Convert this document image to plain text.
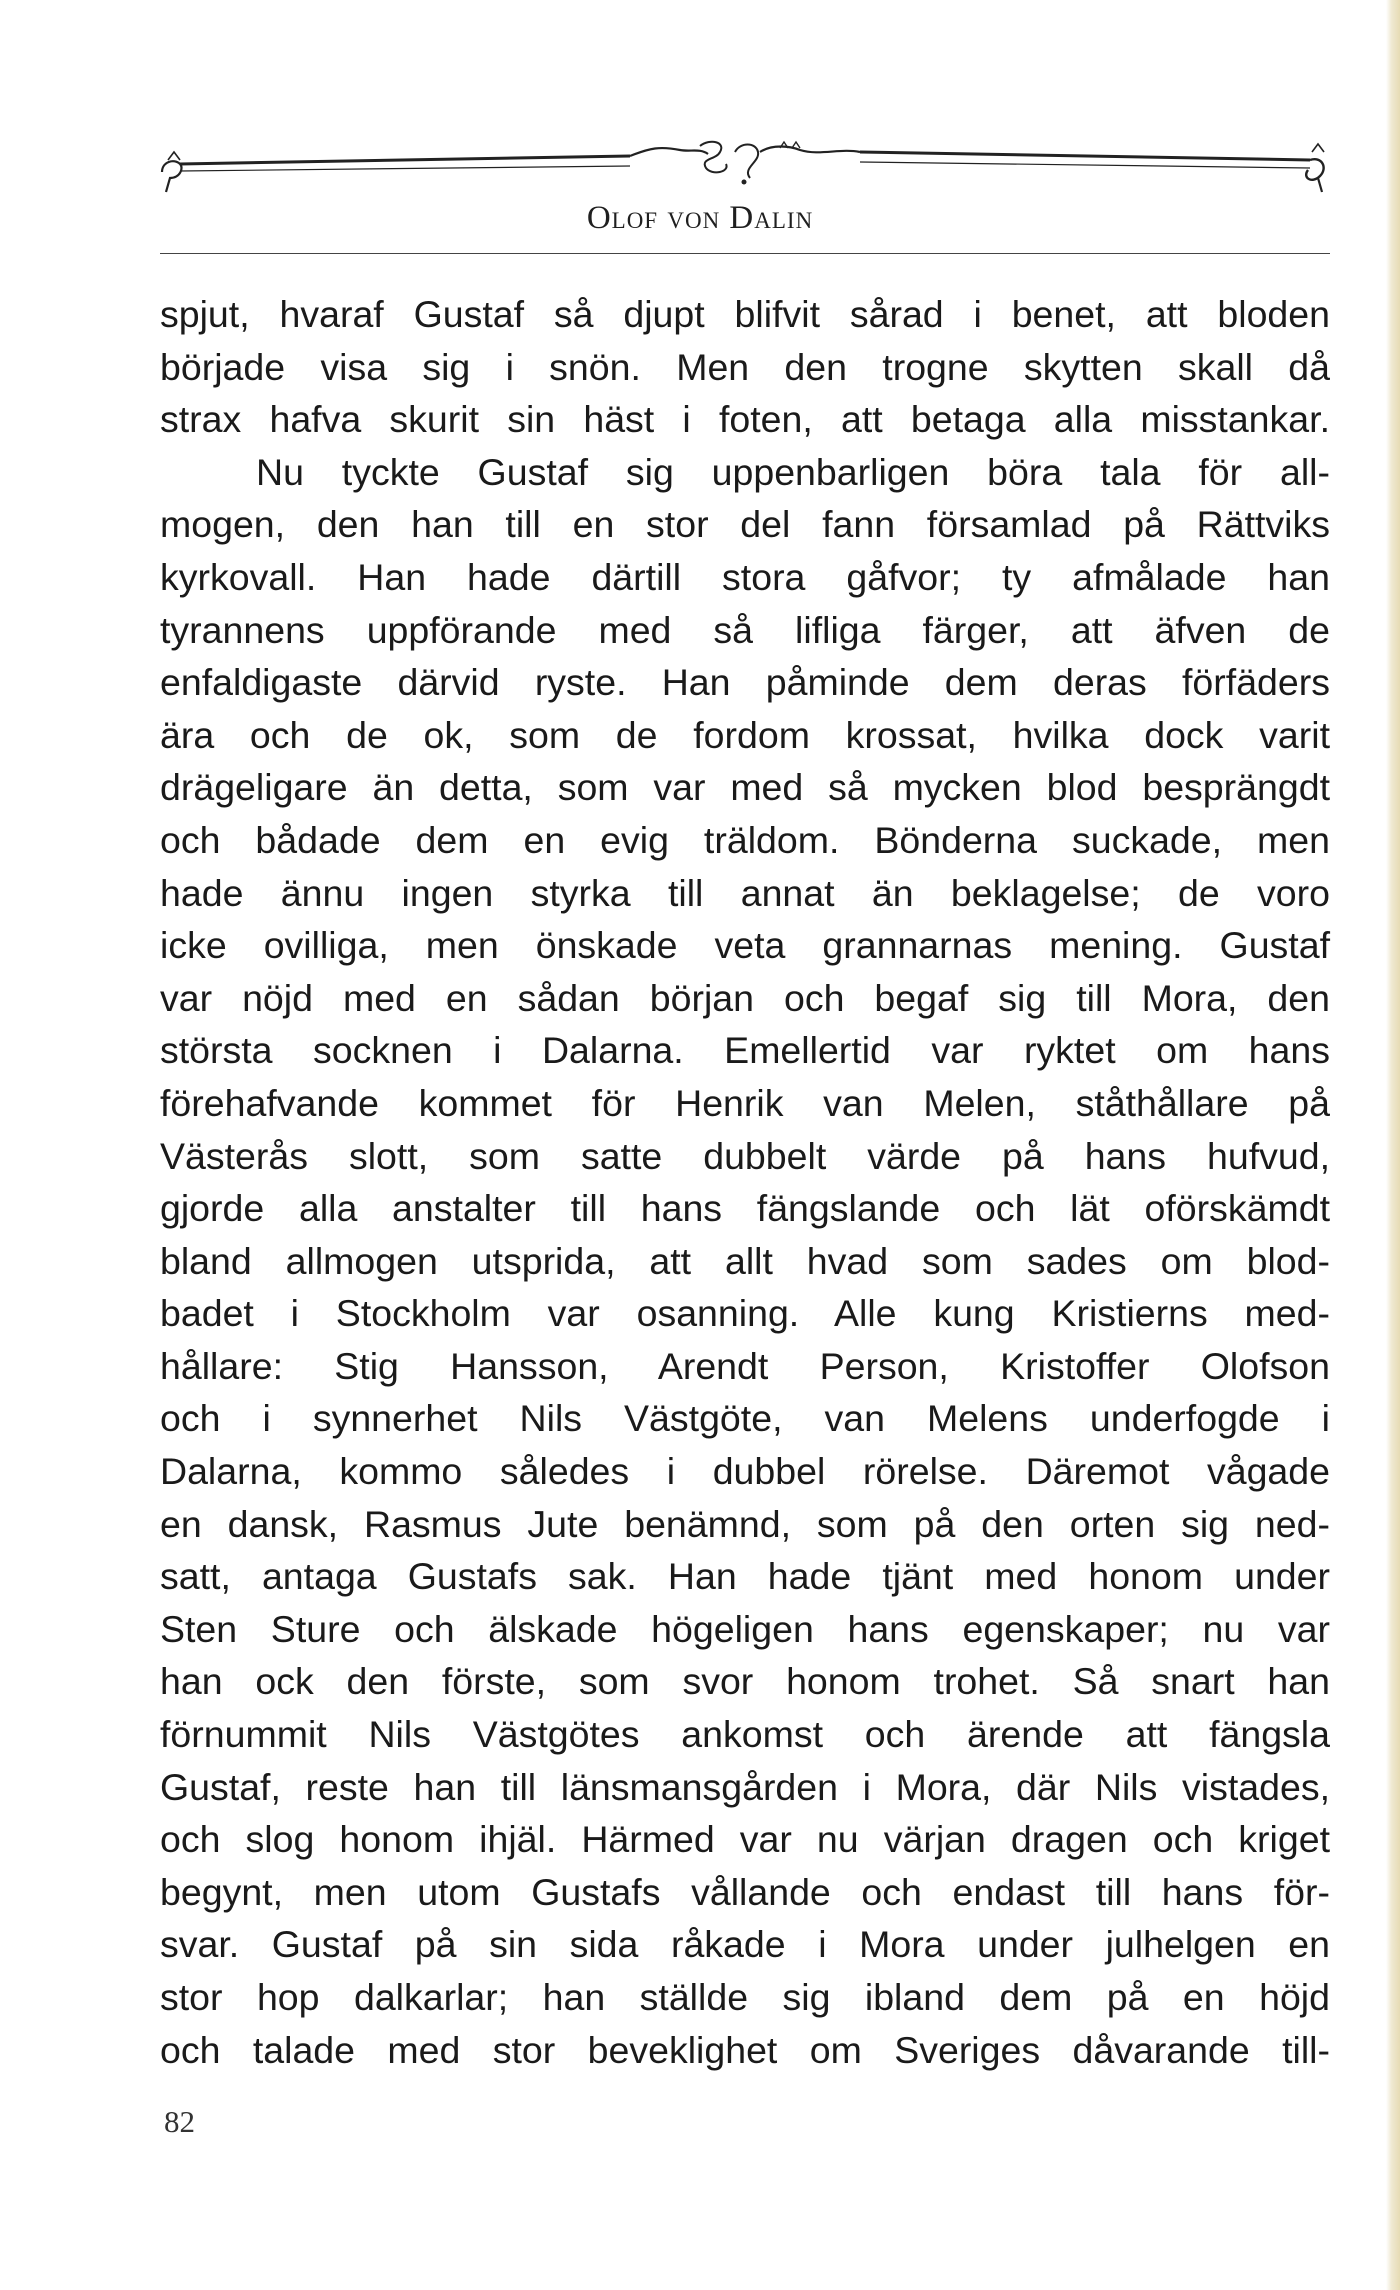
Olof von Dalin
spjut, hvaraf Gustaf så djupt blifvit sårad i benet, att bloden
började visa sig i snön. Men den trogne skytten skall då
strax hafva skurit sin häst i foten, att betaga alla misstankar.
Nu tyckte Gustaf sig uppenbarligen böra tala för all-
mogen, den han till en stor del fann församlad på Rättviks
kyrkovall. Han hade därtill stora gåfvor; ty afmålade han
tyrannens uppförande med så lifliga färger, att äfven de
enfaldigaste därvid ryste. Han påminde dem deras förfäders
ära och de ok, som de fordom krossat, hvilka dock varit
drägeligare än detta, som var med så mycken blod besprängdt
och bådade dem en evig träldom. Bönderna suckade, men
hade ännu ingen styrka till annat än beklagelse; de voro
icke ovilliga, men önskade veta grannarnas mening. Gustaf
var nöjd med en sådan början och begaf sig till Mora, den
största socknen i Dalarna. Emellertid var ryktet om hans
förehafvande kommet för Henrik van Melen, ståthållare på
Västerås slott, som satte dubbelt värde på hans hufvud,
gjorde alla anstalter till hans fängslande och lät oförskämdt
bland allmogen utsprida, att allt hvad som sades om blod-
badet i Stockholm var osanning. Alle kung Kristierns med-
hållare: Stig Hansson, Arendt Person, Kristoffer Olofson
och i synnerhet Nils Västgöte, van Melens underfogde i
Dalarna, kommo således i dubbel rörelse. Däremot vågade
en dansk, Rasmus Jute benämnd, som på den orten sig ned-
satt, antaga Gustafs sak. Han hade tjänt med honom under
Sten Sture och älskade högeligen hans egenskaper; nu var
han ock den förste, som svor honom trohet. Så snart han
förnummit Nils Västgötes ankomst och ärende att fängsla
Gustaf, reste han till länsmansgården i Mora, där Nils vistades,
och slog honom ihjäl. Härmed var nu värjan dragen och kriget
begynt, men utom Gustafs vållande och endast till hans för-
svar. Gustaf på sin sida råkade i Mora under julhelgen en
stor hop dalkarlar; han ställde sig ibland dem på en höjd
och talade med stor beveklighet om Sveriges dåvarande till-
82
